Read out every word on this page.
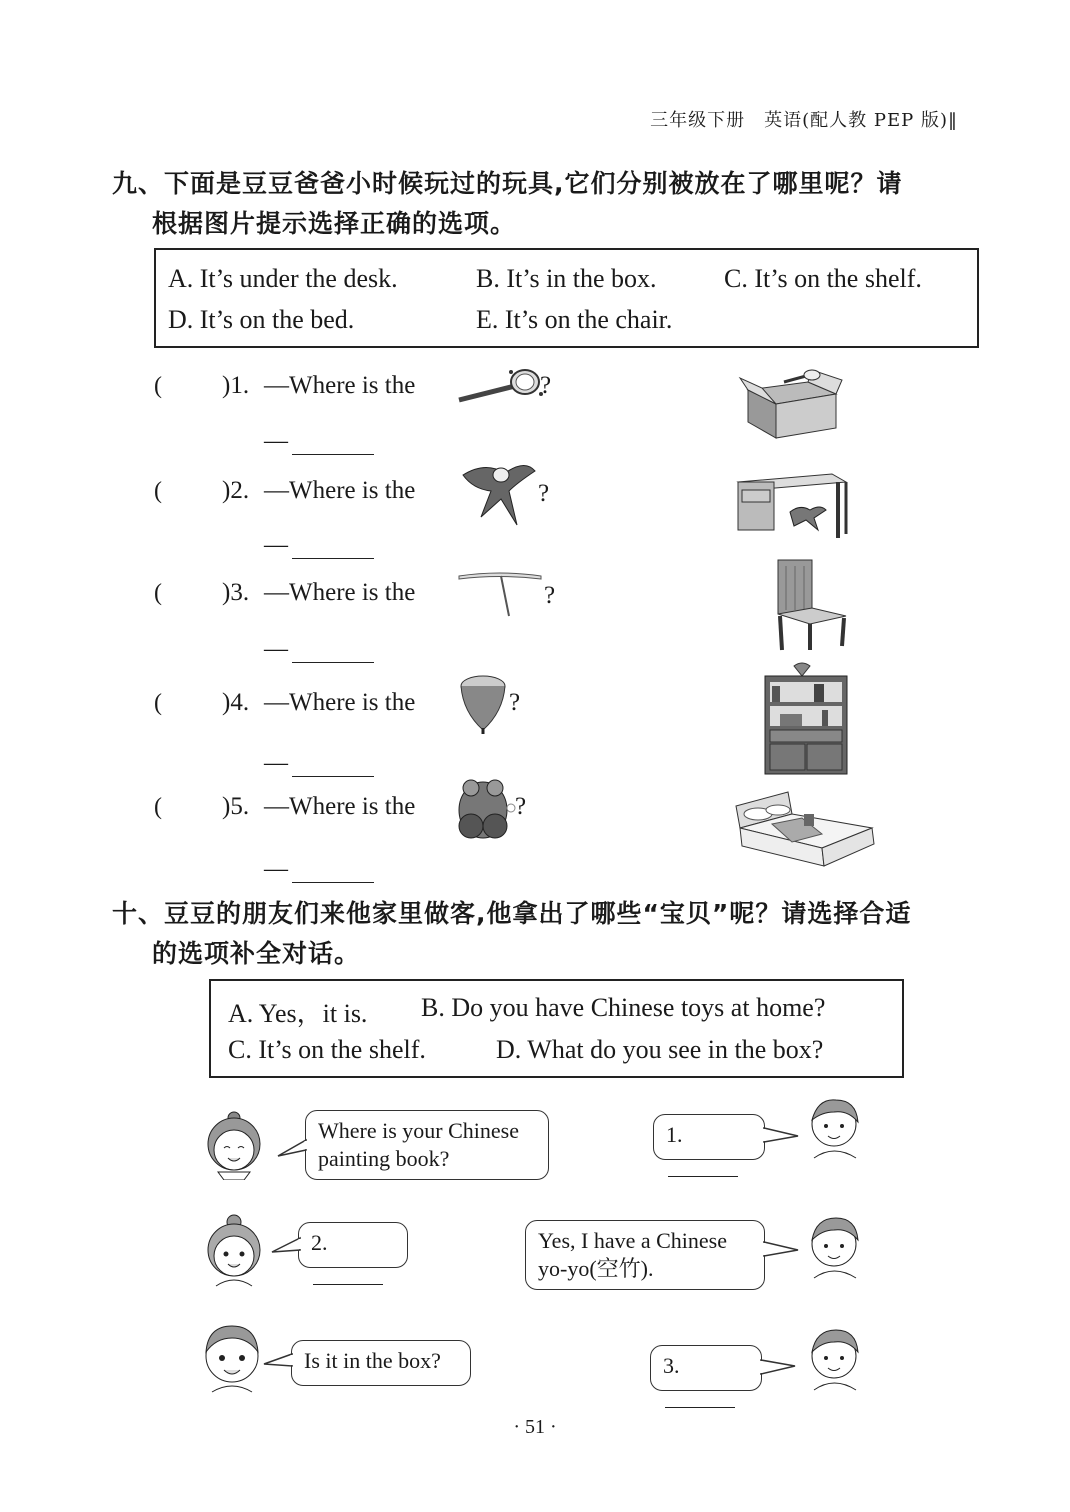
三年级下册　英语(配人教 PEP 版)‖
九、下面是豆豆爸爸小时候玩过的玩具,它们分别被放在了哪里呢？请
根据图片提示选择正确的选项。
A. It’s under the desk.	B. It’s in the box.	C. It’s on the shelf.
D. It’s on the bed.	E. It’s on the chair.
( )1. —Where is the	?
—
( )2. —Where is the	?
—
( )3. —Where is the	?
—
( )4. —Where is the	?
—
( )5. —Where is the	?
—
十、豆豆的朋友们来他家里做客,他拿出了哪些“宝贝”呢？请选择合适
的选项补全对话。
A. Yes，it is. B. Do you have Chinese toys at home?
C. It’s on the shelf.	D. What do you see in the box?
Where is your Chinese
painting book?
1.
2.	Yes, I have a Chinese
yo-yo(空竹).
Is it in the box?	3.
· 51 ·
